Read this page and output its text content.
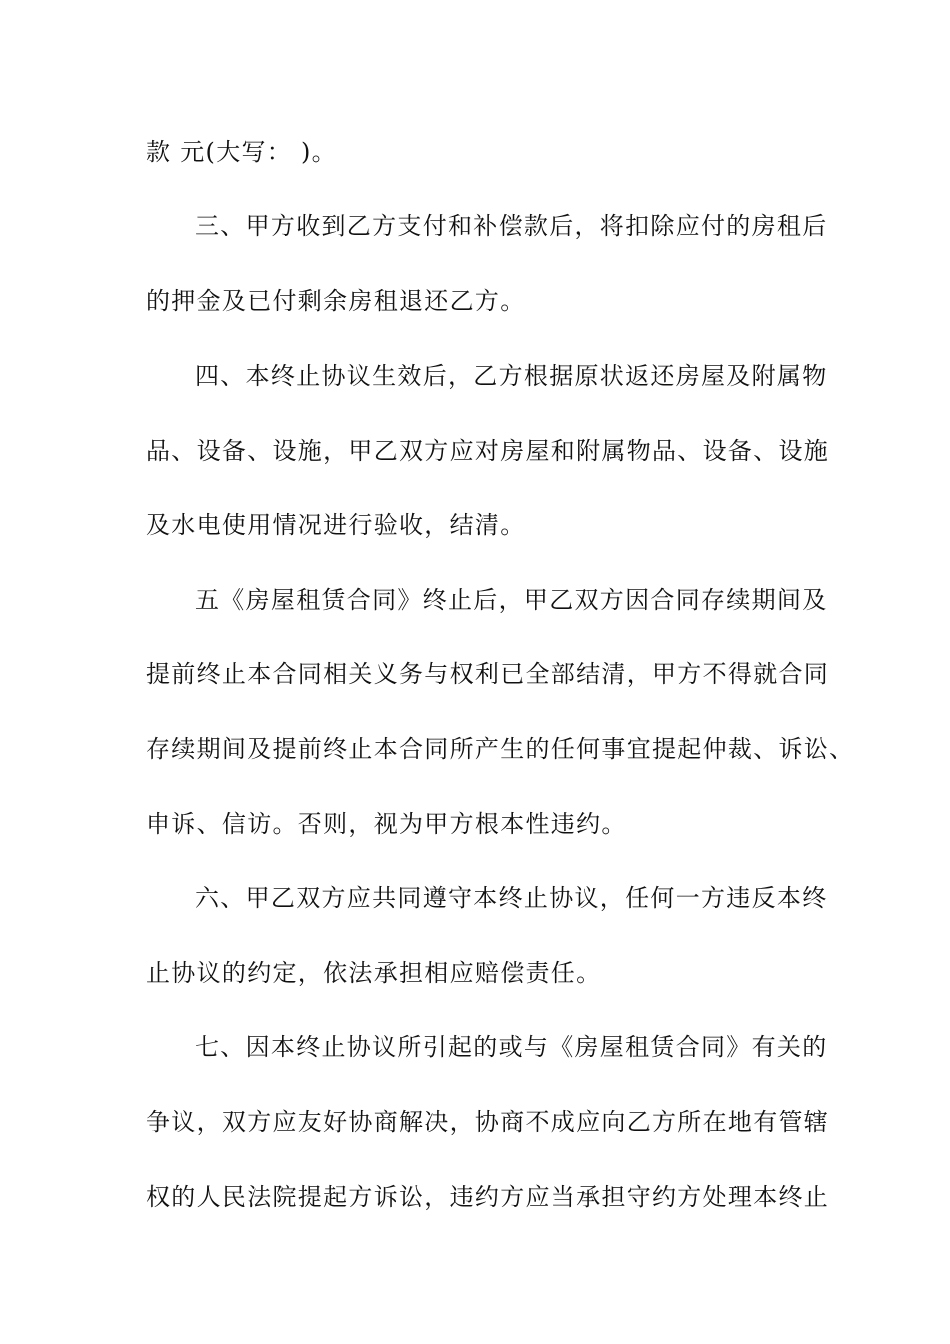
款 元(大写： )。
三、甲方收到乙方支付和补偿款后，将扣除应付的房租后
的押金及已付剩余房租退还乙方。
四、本终止协议生效后，乙方根据原状返还房屋及附属物
品、设备、设施，甲乙双方应对房屋和附属物品、设备、设施
及水电使用情况进行验收，结清。
五《房屋租赁合同》终止后，甲乙双方因合同存续期间及
提前终止本合同相关义务与权利已全部结清，甲方不得就合同
存续期间及提前终止本合同所产生的任何事宜提起仲裁、诉讼、
申诉、信访。否则，视为甲方根本性违约。
六、甲乙双方应共同遵守本终止协议，任何一方违反本终
止协议的约定，依法承担相应赔偿责任。
七、因本终止协议所引起的或与《房屋租赁合同》有关的
争议，双方应友好协商解决，协商不成应向乙方所在地有管辖
权的人民法院提起方诉讼，违约方应当承担守约方处理本终止
